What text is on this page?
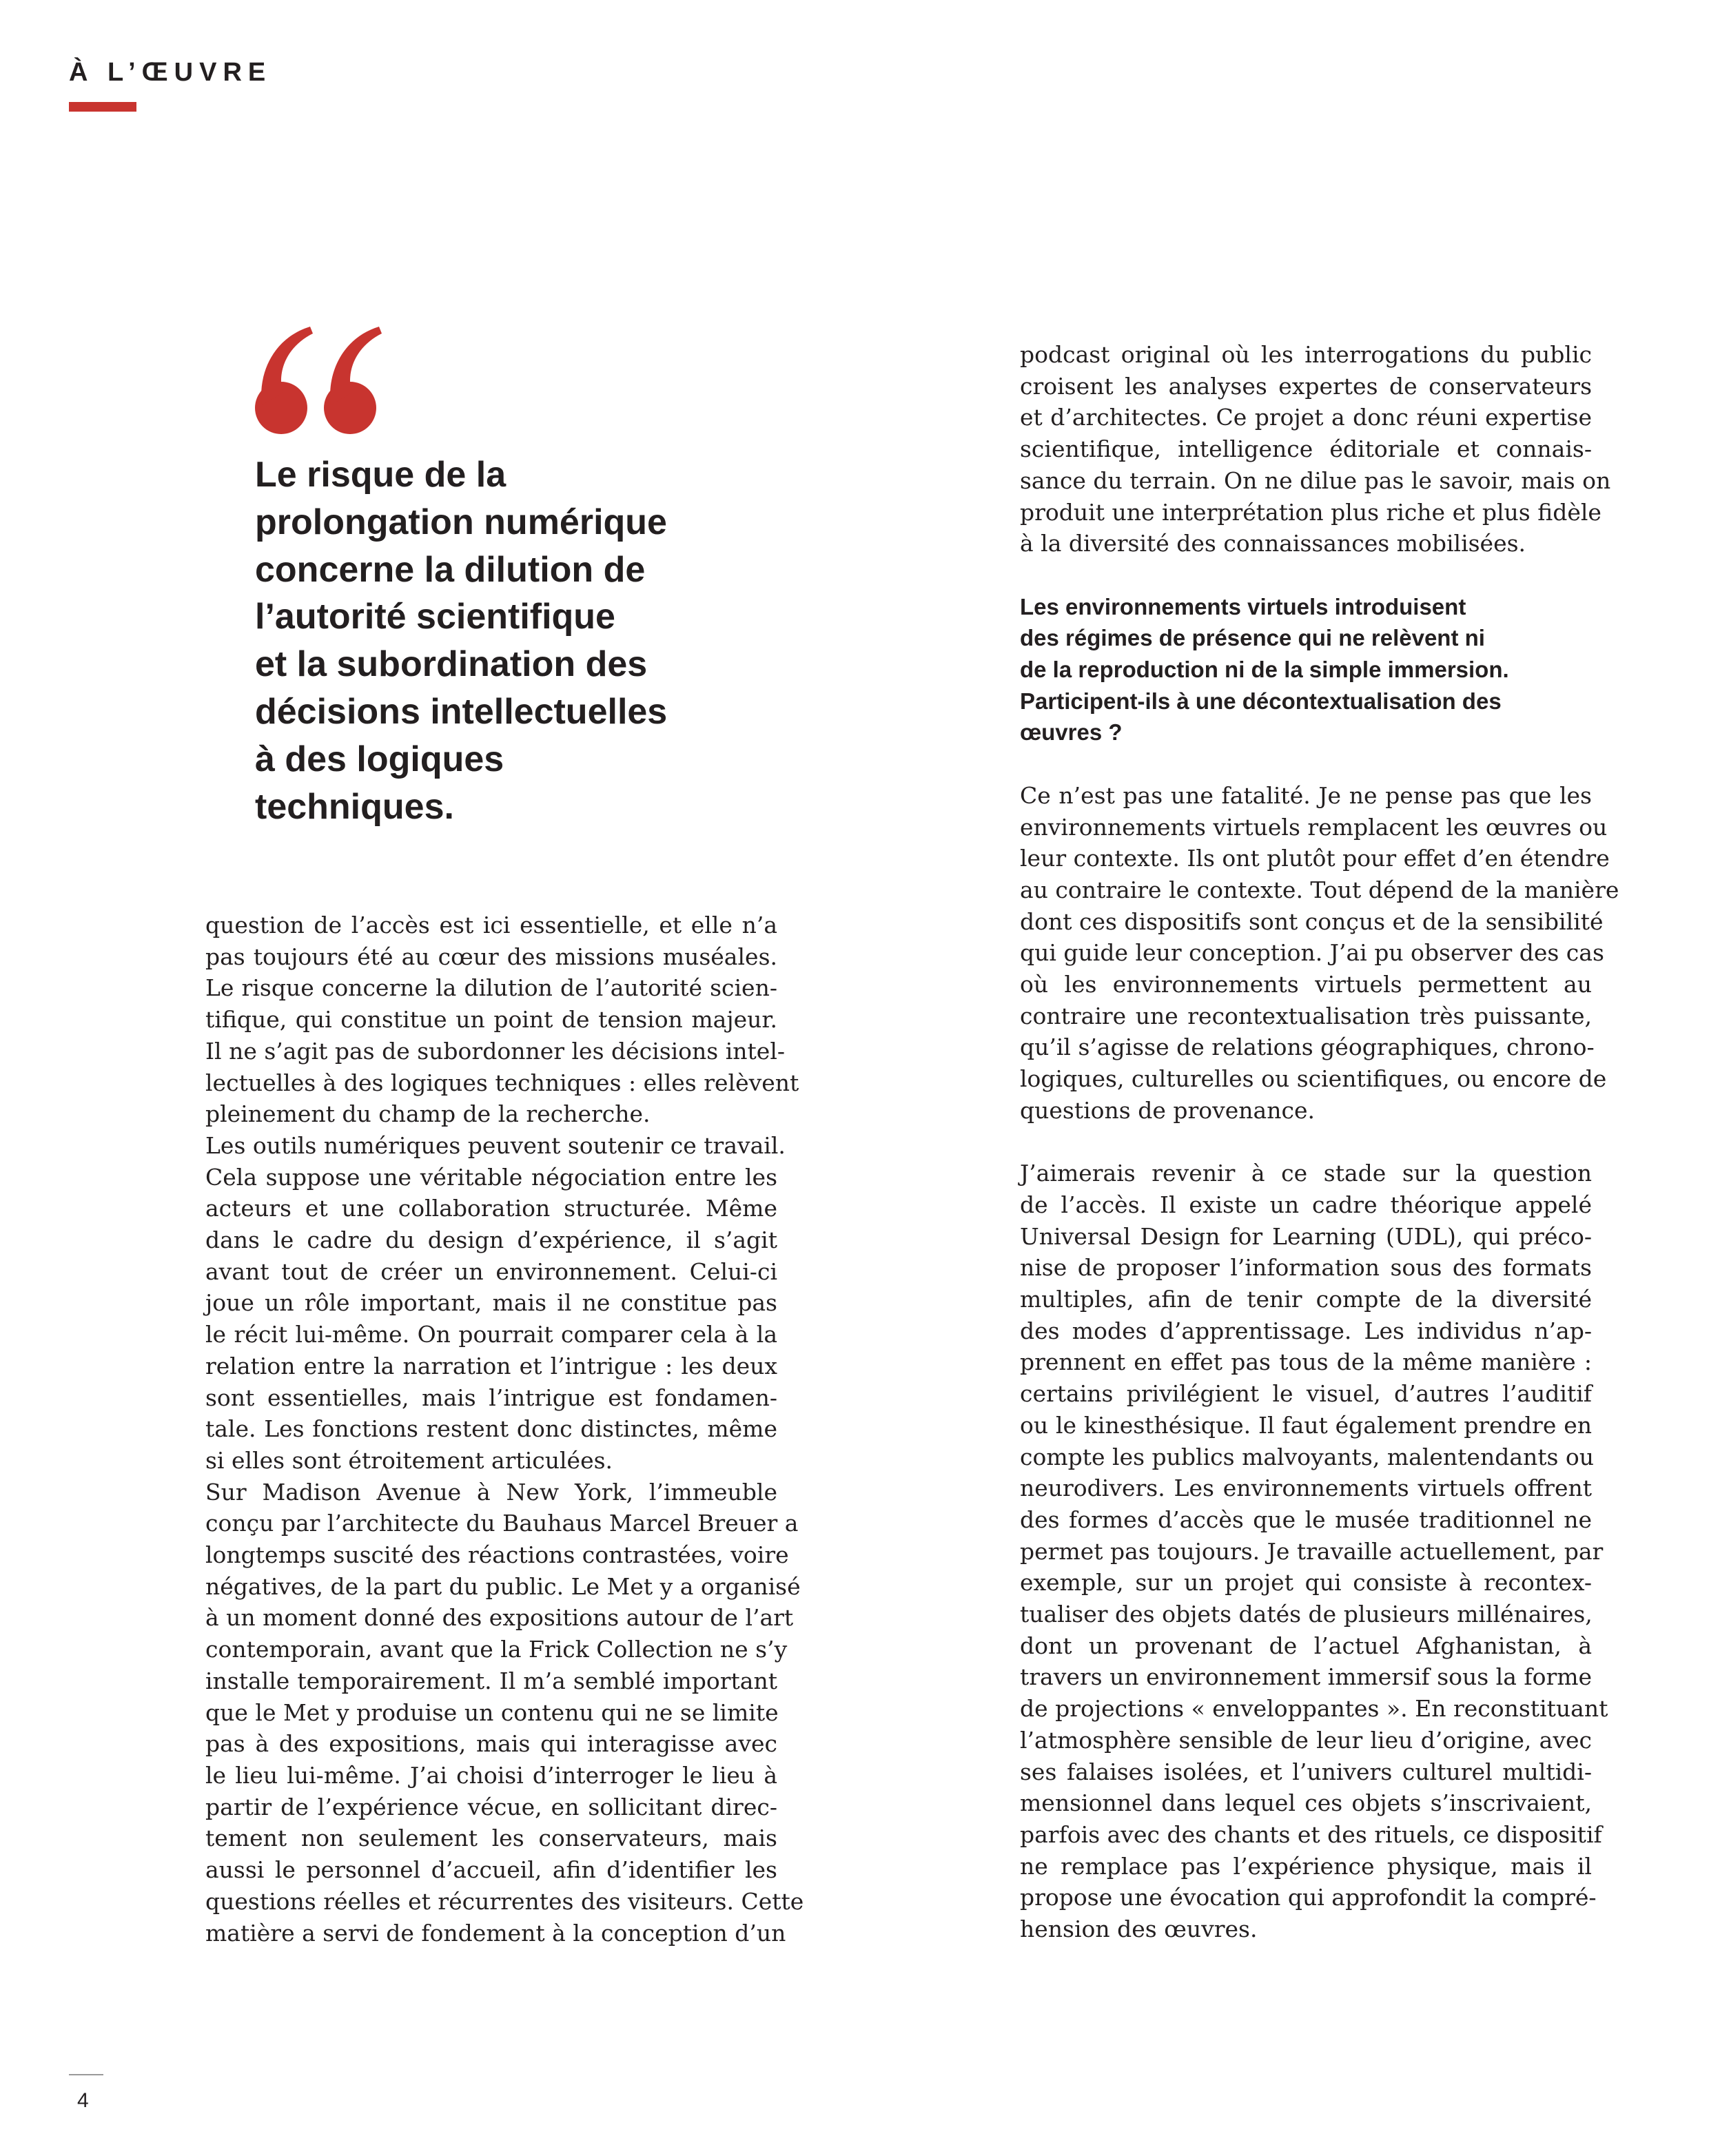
À L’ŒUVRE
Le risque de la
prolongation numérique
concerne la dilution de
l’autorité scientifique
et la subordination des
décisions intellectuelles
à des logiques
techniques.

question de l’accès est ici essentielle, et elle n’a
pas toujours été au cœur des missions muséales.
Le risque concerne la dilution de l’autorité scien-
tifique, qui constitue un point de tension majeur.
Il ne s’agit pas de subordonner les décisions intel-
lectuelles à des logiques techniques : elles relèvent
pleinement du champ de la recherche.
Les outils numériques peuvent soutenir ce travail.
Cela suppose une véritable négociation entre les
acteurs et une collaboration structurée. Même
dans le cadre du design d’expérience, il s’agit
avant tout de créer un environnement. Celui-ci
joue un rôle important, mais il ne constitue pas
le récit lui-même. On pourrait comparer cela à la
relation entre la narration et l’intrigue : les deux
sont essentielles, mais l’intrigue est fondamen-
tale. Les fonctions restent donc distinctes, même
si elles sont étroitement articulées.
Sur Madison Avenue à New York, l’immeuble
conçu par l’architecte du Bauhaus Marcel Breuer a
longtemps suscité des réactions contrastées, voire
négatives, de la part du public. Le Met y a organisé
à un moment donné des expositions autour de l’art
contemporain, avant que la Frick Collection ne s’y
installe temporairement. Il m’a semblé important
que le Met y produise un contenu qui ne se limite
pas à des expositions, mais qui interagisse avec
le lieu lui-même. J’ai choisi d’interroger le lieu à
partir de l’expérience vécue, en sollicitant direc-
tement non seulement les conservateurs, mais
aussi le personnel d’accueil, afin d’identifier les
questions réelles et récurrentes des visiteurs. Cette
matière a servi de fondement à la conception d’un

podcast original où les interrogations du public
croisent les analyses expertes de conservateurs
et d’architectes. Ce projet a donc réuni expertise
scientifique, intelligence éditoriale et connais-
sance du terrain. On ne dilue pas le savoir, mais on
produit une interprétation plus riche et plus fidèle
à la diversité des connaissances mobilisées.

Les environnements virtuels introduisent
des régimes de présence qui ne relèvent ni
de la reproduction ni de la simple immersion.
Participent-ils à une décontextualisation des
œuvres ?

Ce n’est pas une fatalité. Je ne pense pas que les
environnements virtuels remplacent les œuvres ou
leur contexte. Ils ont plutôt pour effet d’en étendre
au contraire le contexte. Tout dépend de la manière
dont ces dispositifs sont conçus et de la sensibilité
qui guide leur conception. J’ai pu observer des cas
où les environnements virtuels permettent au
contraire une recontextualisation très puissante,
qu’il s’agisse de relations géographiques, chrono-
logiques, culturelles ou scientifiques, ou encore de
questions de provenance.

J’aimerais revenir à ce stade sur la question
de l’accès. Il existe un cadre théorique appelé
Universal Design for Learning (UDL), qui préco-
nise de proposer l’information sous des formats
multiples, afin de tenir compte de la diversité
des modes d’apprentissage. Les individus n’ap-
prennent en effet pas tous de la même manière :
certains privilégient le visuel, d’autres l’auditif
ou le kinesthésique. Il faut également prendre en
compte les publics malvoyants, malentendants ou
neurodivers. Les environnements virtuels offrent
des formes d’accès que le musée traditionnel ne
permet pas toujours. Je travaille actuellement, par
exemple, sur un projet qui consiste à recontex-
tualiser des objets datés de plusieurs millénaires,
dont un provenant de l’actuel Afghanistan, à
travers un environnement immersif sous la forme
de projections « enveloppantes ». En reconstituant
l’atmosphère sensible de leur lieu d’origine, avec
ses falaises isolées, et l’univers culturel multidi-
mensionnel dans lequel ces objets s’inscrivaient,
parfois avec des chants et des rituels, ce dispositif
ne remplace pas l’expérience physique, mais il
propose une évocation qui approfondit la compré-
hension des œuvres.

4
